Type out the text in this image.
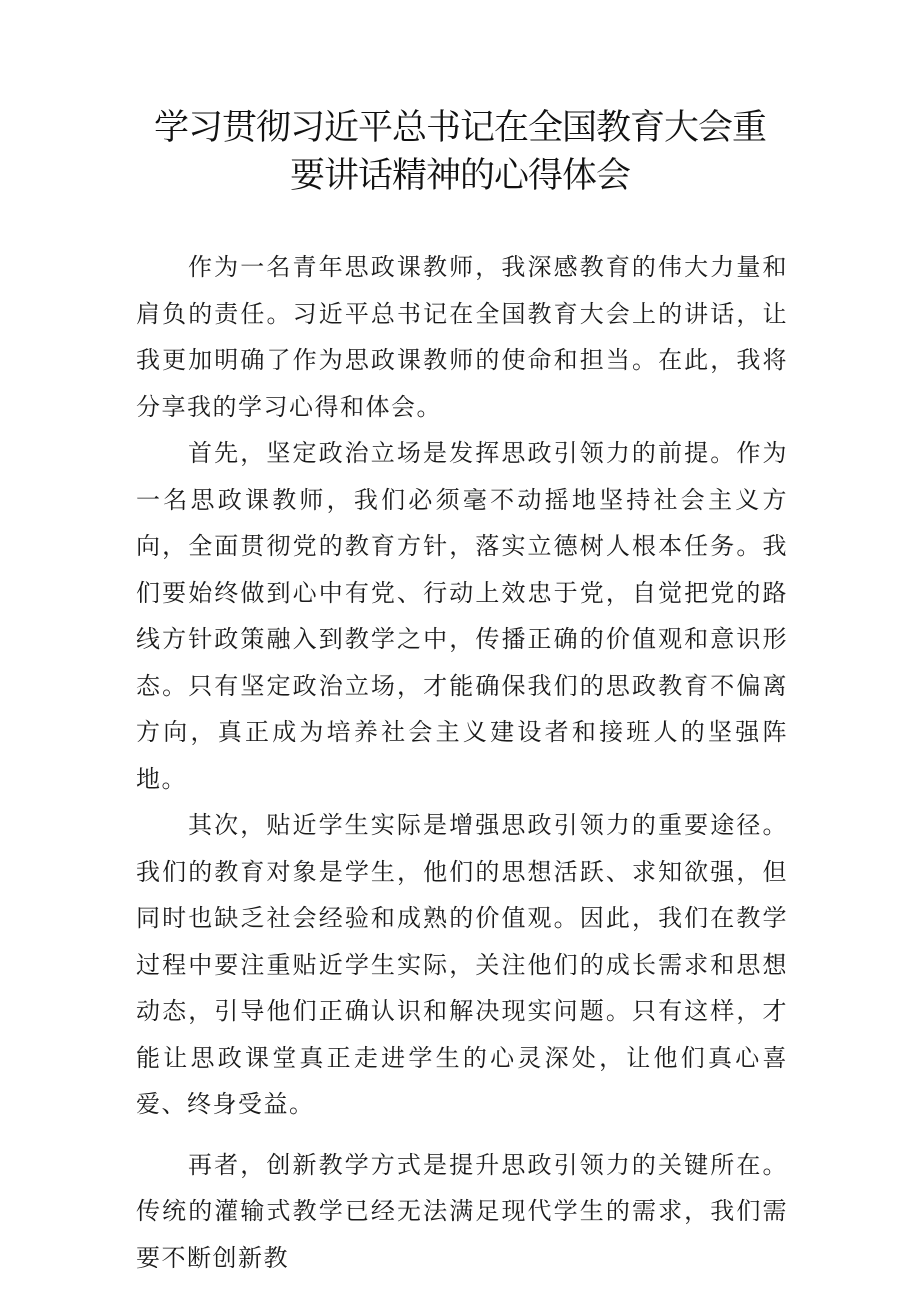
学习贯彻习近平总书记在全国教育大会重
要讲话精神的心得体会

作为一名青年思政课教师，我深感教育的伟大力量和肩负的责任。习近平总书记在全国教育大会上的讲话，让我更加明确了作为思政课教师的使命和担当。在此，我将分享我的学习心得和体会。

首先，坚定政治立场是发挥思政引领力的前提。作为一名思政课教师，我们必须毫不动摇地坚持社会主义方向，全面贯彻党的教育方针，落实立德树人根本任务。我们要始终做到心中有党、行动上效忠于党，自觉把党的路线方针政策融入到教学之中，传播正确的价值观和意识形态。只有坚定政治立场，才能确保我们的思政教育不偏离方向，真正成为培养社会主义建设者和接班人的坚强阵地。

其次，贴近学生实际是增强思政引领力的重要途径。我们的教育对象是学生，他们的思想活跃、求知欲强，但同时也缺乏社会经验和成熟的价值观。因此，我们在教学过程中要注重贴近学生实际，关注他们的成长需求和思想动态，引导他们正确认识和解决现实问题。只有这样，才能让思政课堂真正走进学生的心灵深处，让他们真心喜爱、终身受益。

再者，创新教学方式是提升思政引领力的关键所在。传统的灌输式教学已经无法满足现代学生的需求，我们需要不断创新教
